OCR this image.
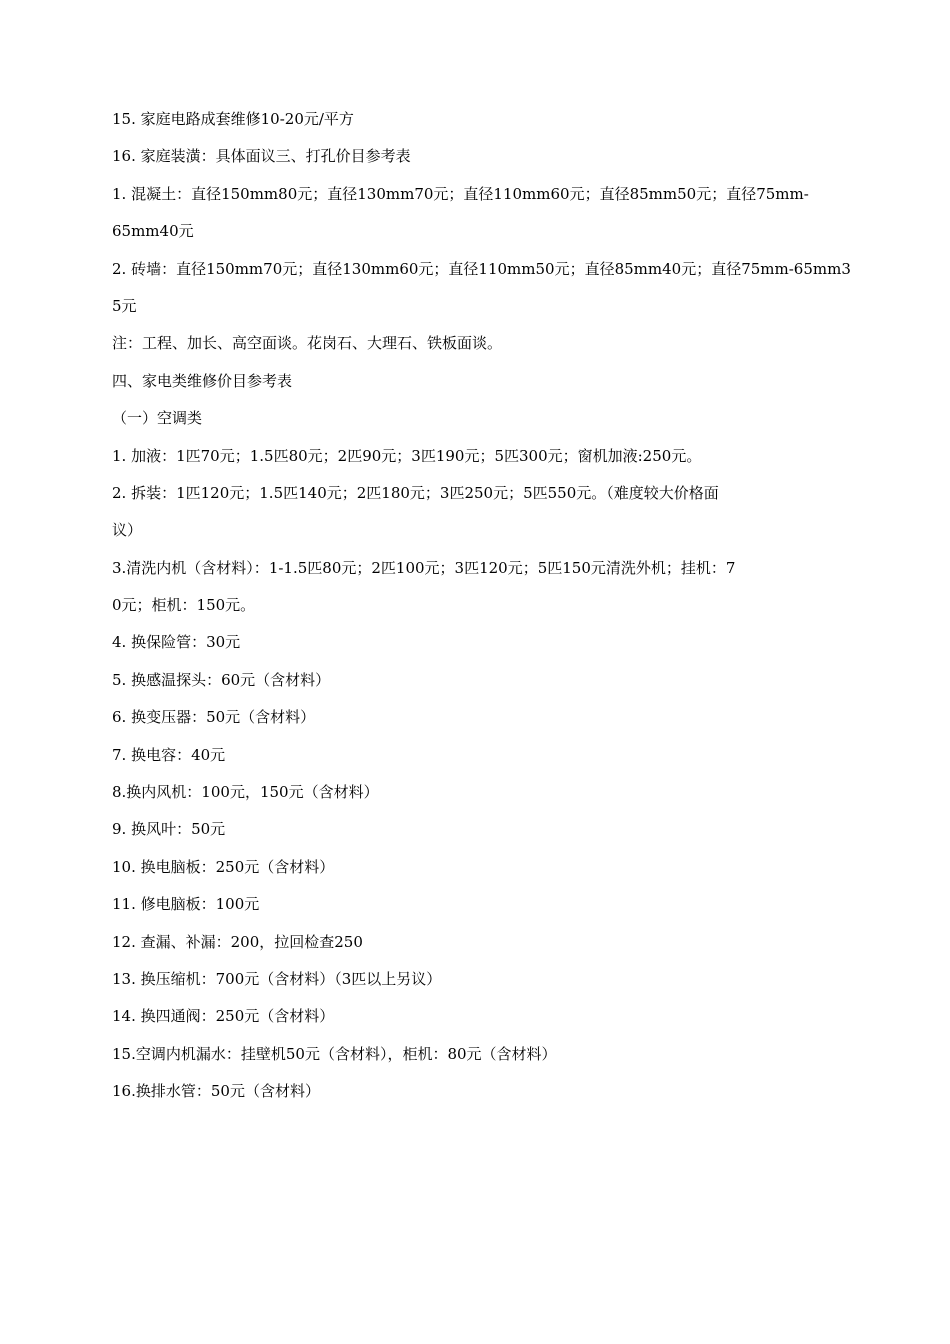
15. 家庭电路成套维修10-20元/平方
16. 家庭装潢：具体面议三、打孔价目参考表
1. 混凝土：直径150mm80元；直径130mm70元；直径110mm60元；直径85mm50元；直径75mm-
65mm40元
2. 砖墙：直径150mm70元；直径130mm60元；直径110mm50元；直径85mm40元；直径75mm-65mm3
5元
注：工程、加长、高空面谈。花岗石、大理石、铁板面谈。
四、家电类维修价目参考表
（一）空调类
1. 加液：1匹70元；1.5匹80元；2匹90元；3匹190元；5匹300元；窗机加液:250元。
2. 拆装：1匹120元；1.5匹140元；2匹180元；3匹250元；5匹550元。（难度较大价格面
议）
3.清洗内机（含材料）：1-1.5匹80元；2匹100元；3匹120元；5匹150元清洗外机；挂机：7
0元；柜机：150元。
4. 换保险管：30元
5. 换感温探头：60元（含材料）
6. 换变压器：50元（含材料）
7. 换电容：40元
8.换内风机：100元，150元（含材料）
9. 换风叶：50元
10. 换电脑板：250元（含材料）
11. 修电脑板：100元
12. 查漏、补漏：200，拉回检查250
13. 换压缩机：700元（含材料）（3匹以上另议）
14. 换四通阀：250元（含材料）
15.空调内机漏水：挂壁机50元（含材料），柜机：80元（含材料）
16.换排水管：50元（含材料）
